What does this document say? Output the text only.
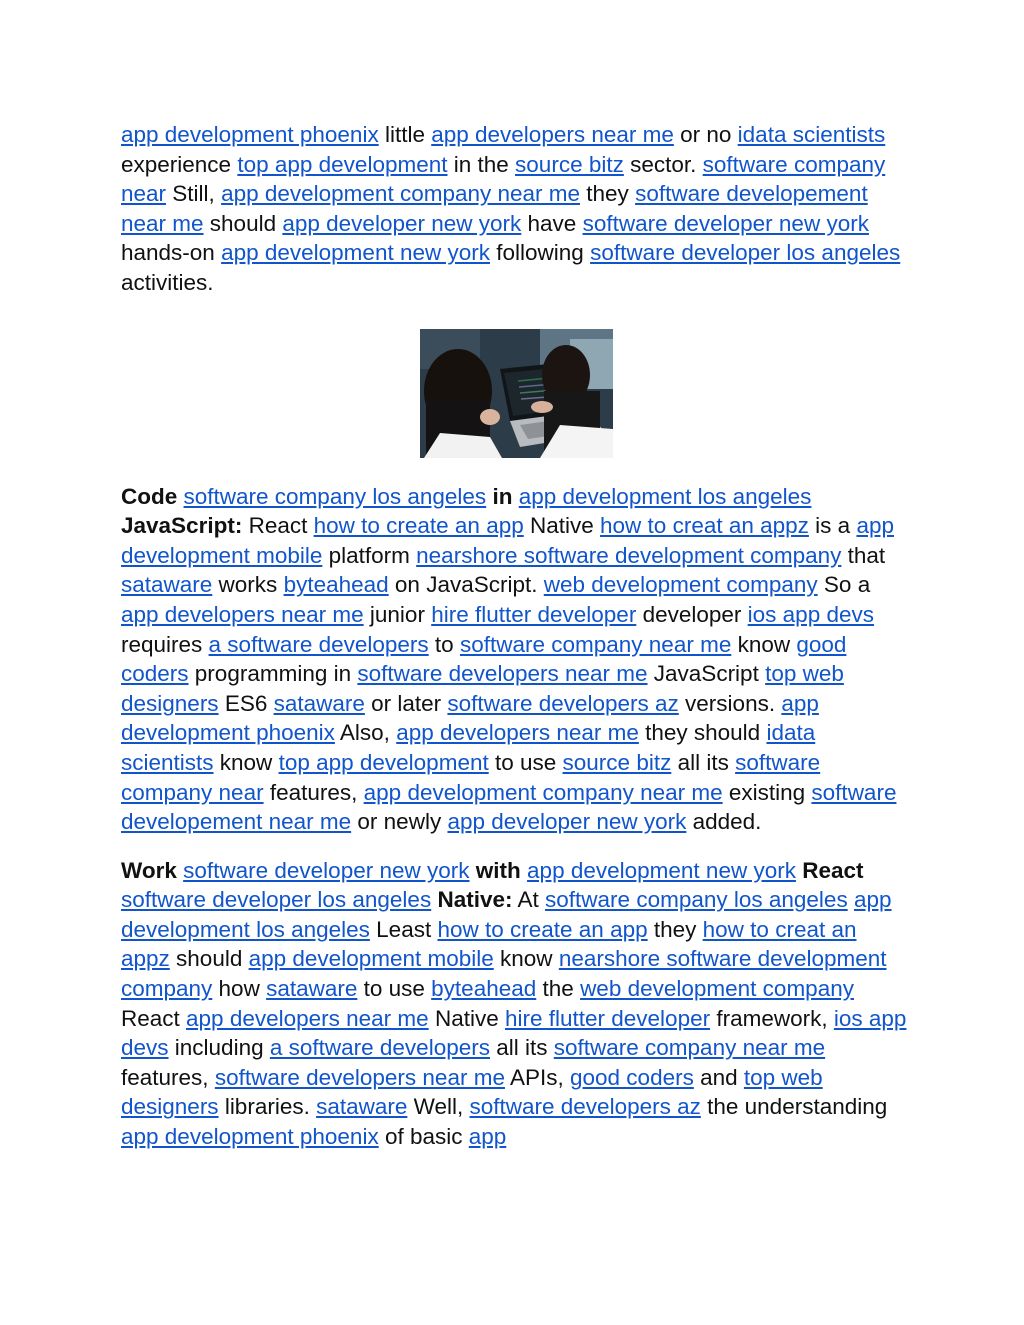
app development phoenix little app developers near me or no idata scientists experience top app development in the source bitz sector. software company near Still, app development company near me they software developement near me should app developer new york have software developer new york hands-on app development new york following software developer los angeles activities.

Code software company los angeles in app development los angeles JavaScript: React how to create an app Native how to creat an appz is a app development mobile platform nearshore software development company that sataware works byteahead on JavaScript. web development company So a app developers near me junior hire flutter developer developer ios app devs requires a software developers to software company near me know good coders programming in software developers near me JavaScript top web designers ES6 sataware or later software developers az versions. app development phoenix Also, app developers near me they should idata scientists know top app development to use source bitz all its software company near features, app development company near me existing software developement near me or newly app developer new york added.

Work software developer new york with app development new york React software developer los angeles Native: At software company los angeles app development los angeles Least how to create an app they how to creat an appz should app development mobile know nearshore software development company how sataware to use byteahead the web development company React app developers near me Native hire flutter developer framework, ios app devs including a software developers all its software company near me features, software developers near me APIs, good coders and top web designers libraries. sataware Well, software developers az the understanding app development phoenix of basic app
